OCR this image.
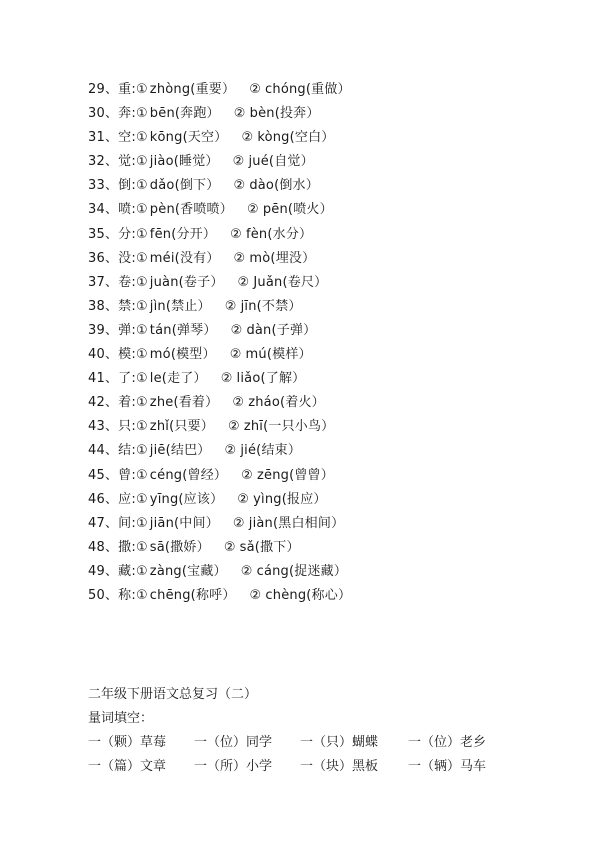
29、重:① zhòng(重要） ② chóng(重做）
30、奔:① bēn(奔跑） ② bèn(投奔）
31、空:① kōng(天空） ② kòng(空白）
32、觉:① jiào(睡觉） ② jué(自觉）
33、倒:① dǎo(倒下） ② dào(倒水）
34、喷:① pèn(香喷喷） ② pēn(喷火）
35、分:① fēn(分开） ② fèn(水分）
36、没:① méi(没有） ② mò(埋没）
37、卷:① juàn(卷子） ② Juǎn(卷尺）
38、禁:① jìn(禁止） ② jīn(不禁）
39、弹:① tán(弹琴） ② dàn(子弹）
40、模:① mó(模型） ② mú(模样）
41、了:① le(走了） ② liǎo(了解）
42、着:① zhe(看着） ② zháo(着火）
43、只:① zhǐ(只要） ② zhī(一只小鸟）
44、结:① jiē(结巴） ② jié(结束）
45、曾:① céng(曾经） ② zēng(曾曾）
46、应:① yīng(应该） ② yìng(报应）
47、间:① jiān(中间） ② jiàn(黑白相间）
48、撒:① sā(撒娇） ② sǎ(撒下）
49、藏:① zàng(宝藏） ② cáng(捉迷藏）
50、称:① chēng(称呼） ② chèng(称心）
二年级下册语文总复习（二）
量词填空：
一（颗）草莓	一（位）同学	一（只）蝴蝶	一（位）老乡
一（篇）文章	一（所）小学	一（块）黑板	一（辆）马车
